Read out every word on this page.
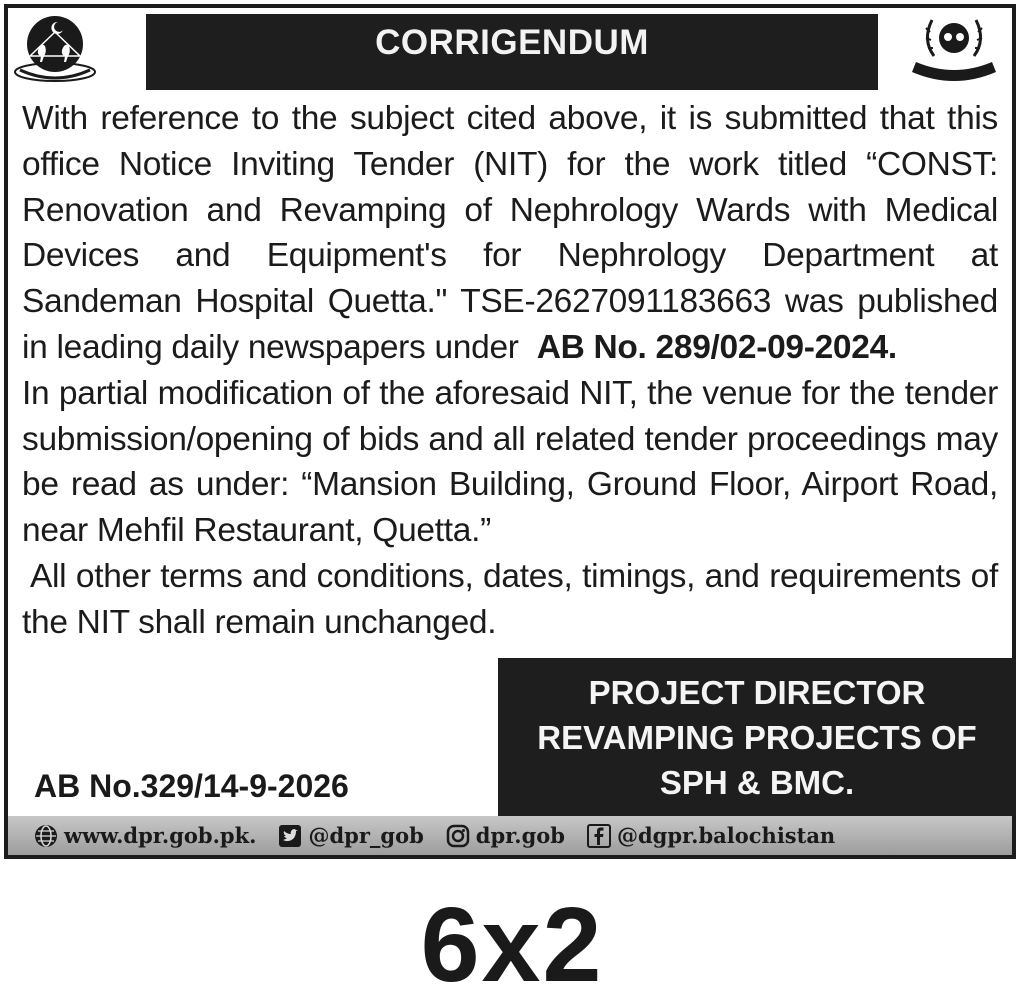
CORRIGENDUM

With reference to the subject cited above, it is submitted that this office Notice Inviting Tender (NIT) for the work titled “CONST: Renovation and Revamping of Nephrology Wards with Medical Devices and Equipment's for Nephrology Department at Sandeman Hospital Quetta." TSE-2627091183663 was published in leading daily newspapers under AB No. 289/02-09-2024.

In partial modification of the aforesaid NIT, the venue for the tender submission/opening of bids and all related tender proceedings may be read as under: “Mansion Building, Ground Floor, Airport Road, near Mehfil Restaurant, Quetta.”

All other terms and conditions, dates, timings, and requirements of the NIT shall remain unchanged.

AB No.329/14-9-2026
PROJECT DIRECTOR
REVAMPING PROJECTS OF
SPH & BMC.
www.dpr.gob.pk. @dpr_gob dpr.gob @dgpr.balochistan
6x2
